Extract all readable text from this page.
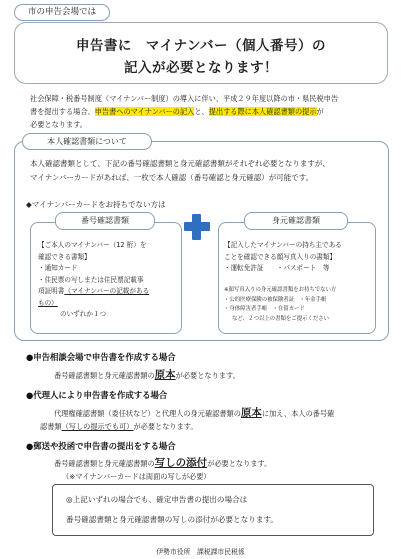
市の申告会場では
申告書に　マイナンバー（個人番号）の
記入が必要となります！
社会保障・税番号制度（マイナンバー制度）の導入に伴い、平成２９年度以降の市・県民税申告
書を提出する場合、申告書へのマイナンバーの記入と、提出する際に本人確認書類の提示が
必要となります。
本人確認書類について
本人確認書類として、下記の番号確認書類と身元確認書類がそれぞれ必要となりますが、
マイナンバーカードがあれば、一枚で本人確認（番号確認と身元確認）が可能です。
◆マイナンバーカードをお持ちでない方は
番号確認書類
【ご本人のマイナンバー（12 桁）を
確認できる書類】
・通知カード
・住民票の写しまたは住民票記載事
項証明書（マイナンバーの記載がある
もの）
のいずれか１つ
身元確認書類
【記入したマイナンバーの持ち主である
ことを確認できる顔写真入りの書類】
・運転免許証　　・パスポート　等
※顔写真入りの身元確認書類をお持ちでない方
・公的医療保険の被保険者証　・年金手帳
・身体障害者手帳　・在留カード
など、２つ以上の書類をご提示ください
●申告相談会場で申告書を作成する場合
番号確認書類と身元確認書類の原本が必要となります。
●代理人により申告書を作成する場合
代理権確認書類（委任状など）と代理人の身元確認書類の原本に加え、本人の番号確
認書類（写しの提示でも可）が必要となります。
●郵送や投函で申告書の提出をする場合
番号確認書類と身元確認書類の写しの添付が必要となります。
（※マイナンバーカードは両面の写しが必要）
◎上記いずれの場合でも、確定申告書の提出の場合は
番号確認書類と身元確認書類の写しの添付が必要となります。
伊勢市役所　課税課市民税係
